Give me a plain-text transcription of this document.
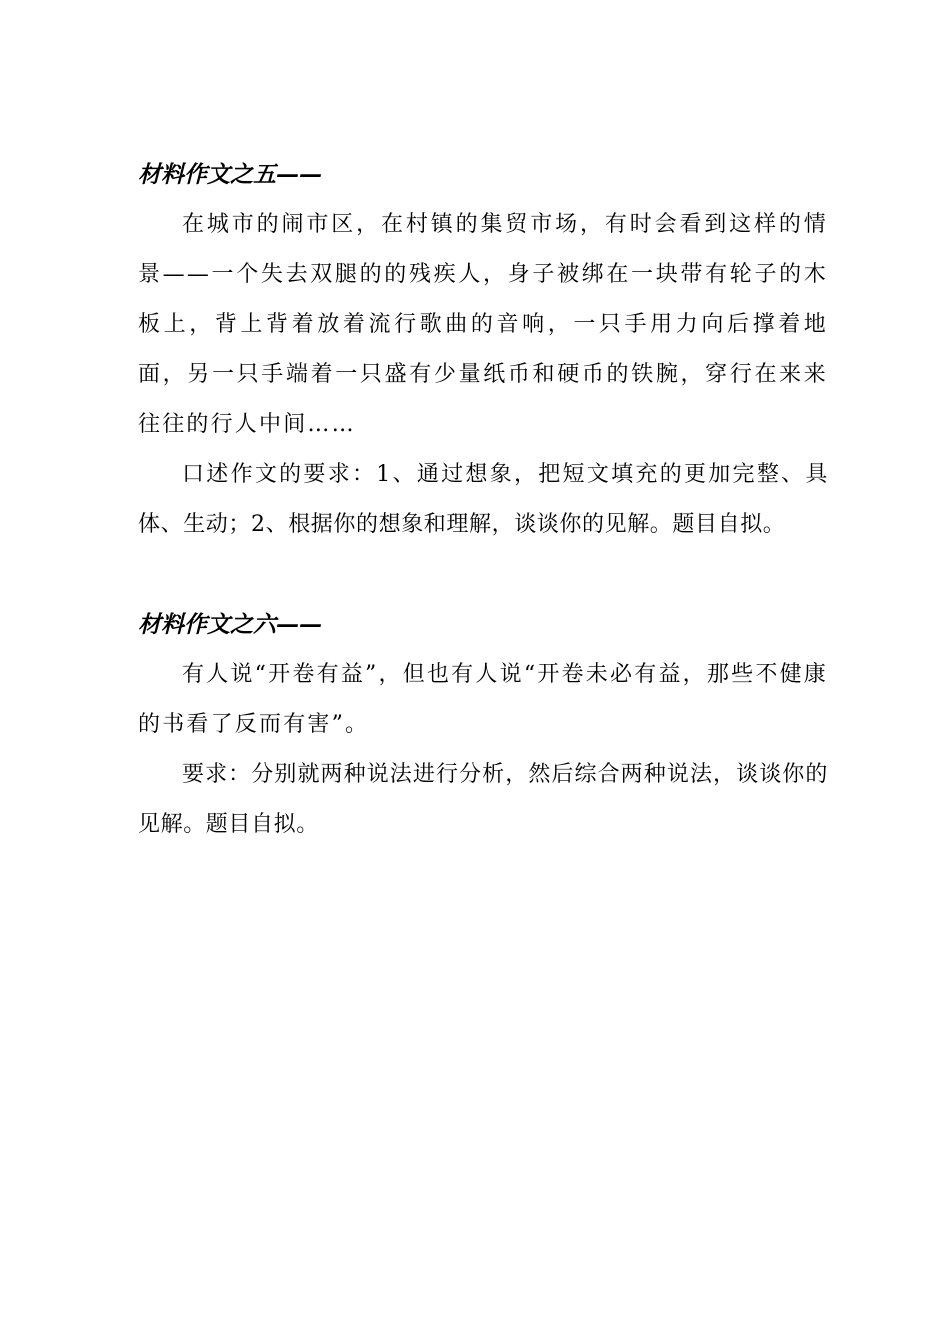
材料作文之五——

在城市的闹市区，在村镇的集贸市场，有时会看到这样的情景——一个失去双腿的的残疾人，身子被绑在一块带有轮子的木板上，背上背着放着流行歌曲的音响，一只手用力向后撑着地面，另一只手端着一只盛有少量纸币和硬币的铁腕，穿行在来来往往的行人中间……

口述作文的要求：1、通过想象，把短文填充的更加完整、具体、生动；2、根据你的想象和理解，谈谈你的见解。题目自拟。

材料作文之六——

有人说“开卷有益”，但也有人说“开卷未必有益，那些不健康的书看了反而有害”。

要求：分别就两种说法进行分析，然后综合两种说法，谈谈你的见解。题目自拟。
